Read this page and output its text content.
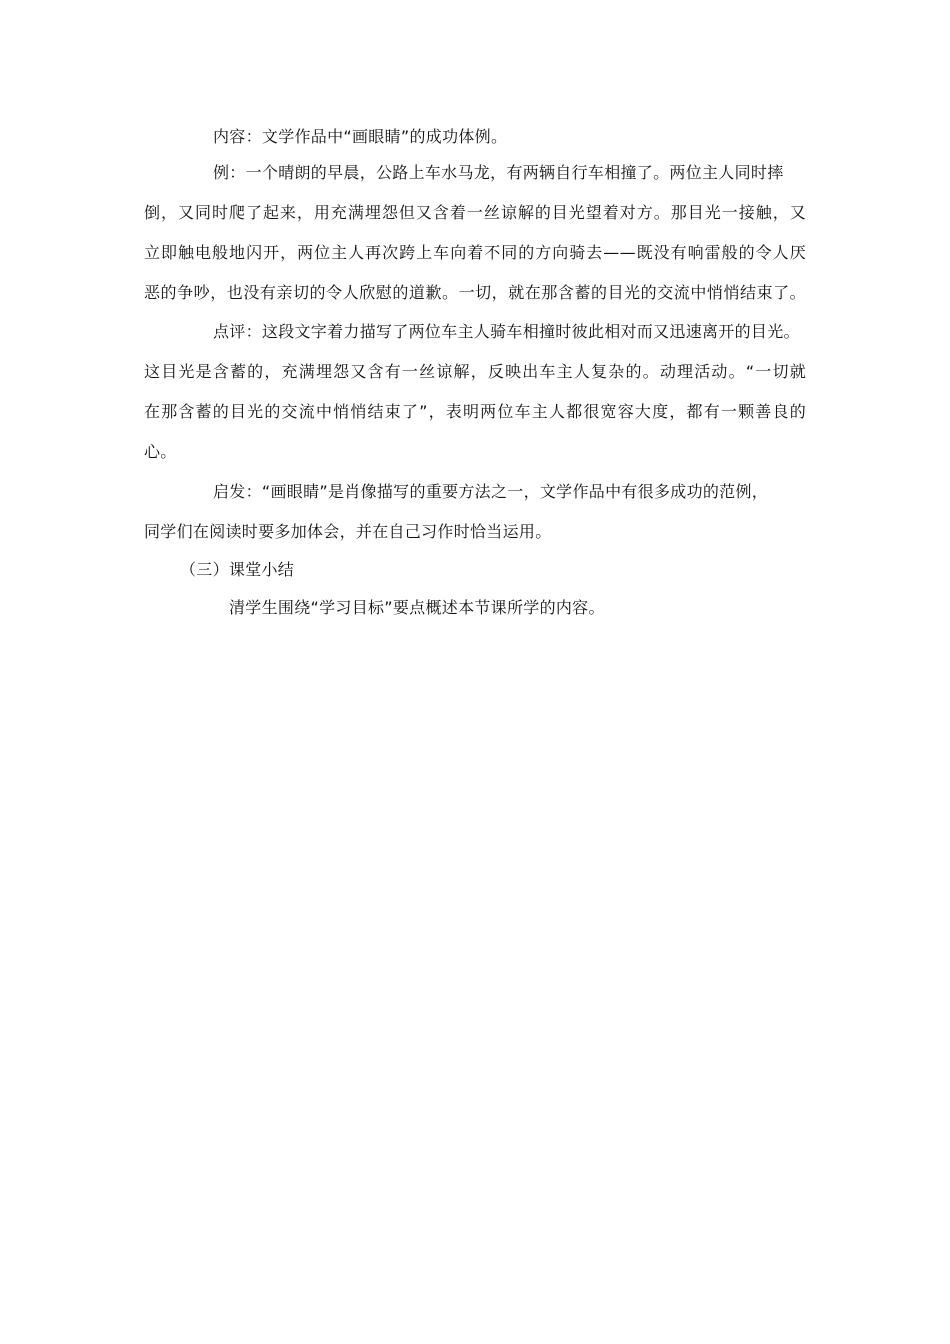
内容：文学作品中“画眼睛”的成功体例。
例：一个晴朗的早晨，公路上车水马龙，有两辆自行车相撞了。两位主人同时摔
倒，又同时爬了起来，用充满埋怨但又含着一丝谅解的目光望着对方。那目光一接触，又
立即触电般地闪开，两位主人再次跨上车向着不同的方向骑去——既没有响雷般的令人厌
恶的争吵，也没有亲切的令人欣慰的道歉。一切，就在那含蓄的目光的交流中悄悄结束了。
点评：这段文字着力描写了两位车主人骑车相撞时彼此相对而又迅速离开的目光。
这目光是含蓄的，充满埋怨又含有一丝谅解，反映出车主人复杂的。动理活动。“一切就
在那含蓄的目光的交流中悄悄结束了”，表明两位车主人都很宽容大度，都有一颗善良的
心。
启发：“画眼睛”是肖像描写的重要方法之一，文学作品中有很多成功的范例，
同学们在阅读时要多加体会，并在自己习作时恰当运用。
（三）课堂小结
清学生围绕“学习目标”要点概述本节课所学的内容。
